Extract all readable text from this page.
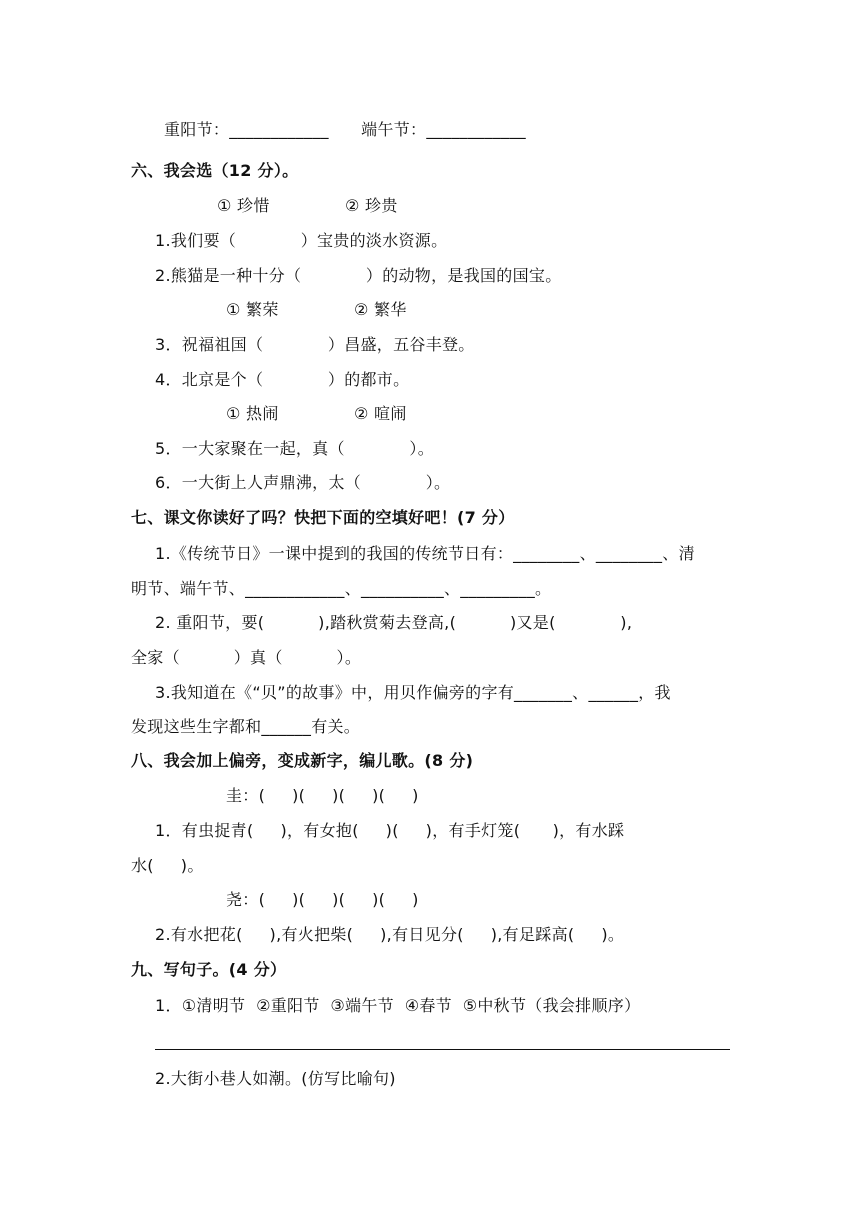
重阳节：____________      端午节：____________
六、我会选（12 分）。
① 珍惜              ② 珍贵
1.我们要（            ）宝贵的淡水资源。
2.熊猫是一种十分（            ）的动物，是我国的国宝。
① 繁荣              ② 繁华
3．祝福祖国（            ）昌盛，五谷丰登。
4．北京是个（            ）的都市。
① 热闹              ② 喧闹
5．一大家聚在一起，真（            ）。
6．一大街上人声鼎沸，太（            ）。
七、课文你读好了吗？快把下面的空填好吧！(7 分）
1.《传统节日》一课中提到的我国的传统节日有：________、________、清
明节、端午节、____________、__________、_________。
2. 重阳节，要(          ),踏秋赏菊去登高,(          )又是(            ),
全家（          ）真（          ）。
3.我知道在《“贝”的故事》中，用贝作偏旁的字有_______、______，我
发现这些生字都和______有关。
八、我会加上偏旁，变成新字，编儿歌。(8 分)
圭：(     )(     )(     )(     )
1．有虫捉青(     )，有女抱(     )(     )，有手灯笼(      )，有水踩
水(     )。
尧：(     )(     )(     )(     )
2.有水把花(     ),有火把柴(     ),有日见分(     ),有足踩高(     )。
九、写句子。(4 分）
1．①清明节  ②重阳节  ③端午节  ④春节  ⑤中秋节（我会排顺序）
2.大街小巷人如潮。(仿写比喻句)
